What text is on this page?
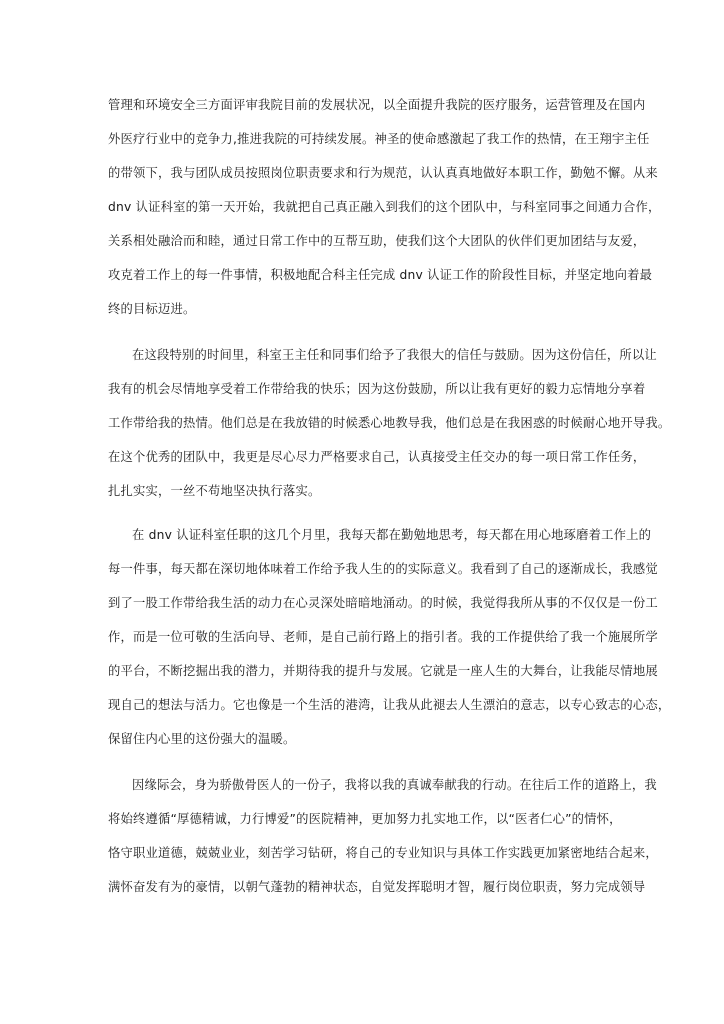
管理和环境安全三方面评审我院目前的发展状况，以全面提升我院的医疗服务，运营管理及在国内
外医疗行业中的竞争力,推进我院的可持续发展。神圣的使命感激起了我工作的热情，在王翔宇主任
的带领下，我与团队成员按照岗位职责要求和行为规范，认认真真地做好本职工作，勤勉不懈。从来
dnv 认证科室的第一天开始，我就把自己真正融入到我们的这个团队中，与科室同事之间通力合作，
关系相处融洽而和睦，通过日常工作中的互帮互助，使我们这个大团队的伙伴们更加团结与友爱，
攻克着工作上的每一件事情，积极地配合科主任完成 dnv 认证工作的阶段性目标，并坚定地向着最
终的目标迈进。
在这段特别的时间里，科室王主任和同事们给予了我很大的信任与鼓励。因为这份信任，所以让
我有的机会尽情地享受着工作带给我的快乐；因为这份鼓励，所以让我有更好的毅力忘情地分享着
工作带给我的热情。他们总是在我放错的时候悉心地教导我，他们总是在我困惑的时候耐心地开导我。
在这个优秀的团队中，我更是尽心尽力严格要求自己，认真接受主任交办的每一项日常工作任务，
扎扎实实，一丝不苟地坚决执行落实。
在 dnv 认证科室任职的这几个月里，我每天都在勤勉地思考，每天都在用心地琢磨着工作上的
每一件事，每天都在深切地体味着工作给予我人生的的实际意义。我看到了自己的逐渐成长，我感觉
到了一股工作带给我生活的动力在心灵深处暗暗地涌动。的时候，我觉得我所从事的不仅仅是一份工
作，而是一位可敬的生活向导、老师，是自己前行路上的指引者。我的工作提供给了我一个施展所学
的平台，不断挖掘出我的潜力，并期待我的提升与发展。它就是一座人生的大舞台，让我能尽情地展
现自己的想法与活力。它也像是一个生活的港湾，让我从此褪去人生漂泊的意志，以专心致志的心态，
保留住内心里的这份强大的温暖。
因缘际会，身为骄傲骨医人的一份子，我将以我的真诚奉献我的行动。在往后工作的道路上，我
将始终遵循“厚德精诚，力行博爱”的医院精神，更加努力扎实地工作，以“医者仁心”的情怀，
恪守职业道德，兢兢业业，刻苦学习钻研，将自己的专业知识与具体工作实践更加紧密地结合起来，
满怀奋发有为的豪情，以朝气蓬勃的精神状态，自觉发挥聪明才智，履行岗位职责，努力完成领导
